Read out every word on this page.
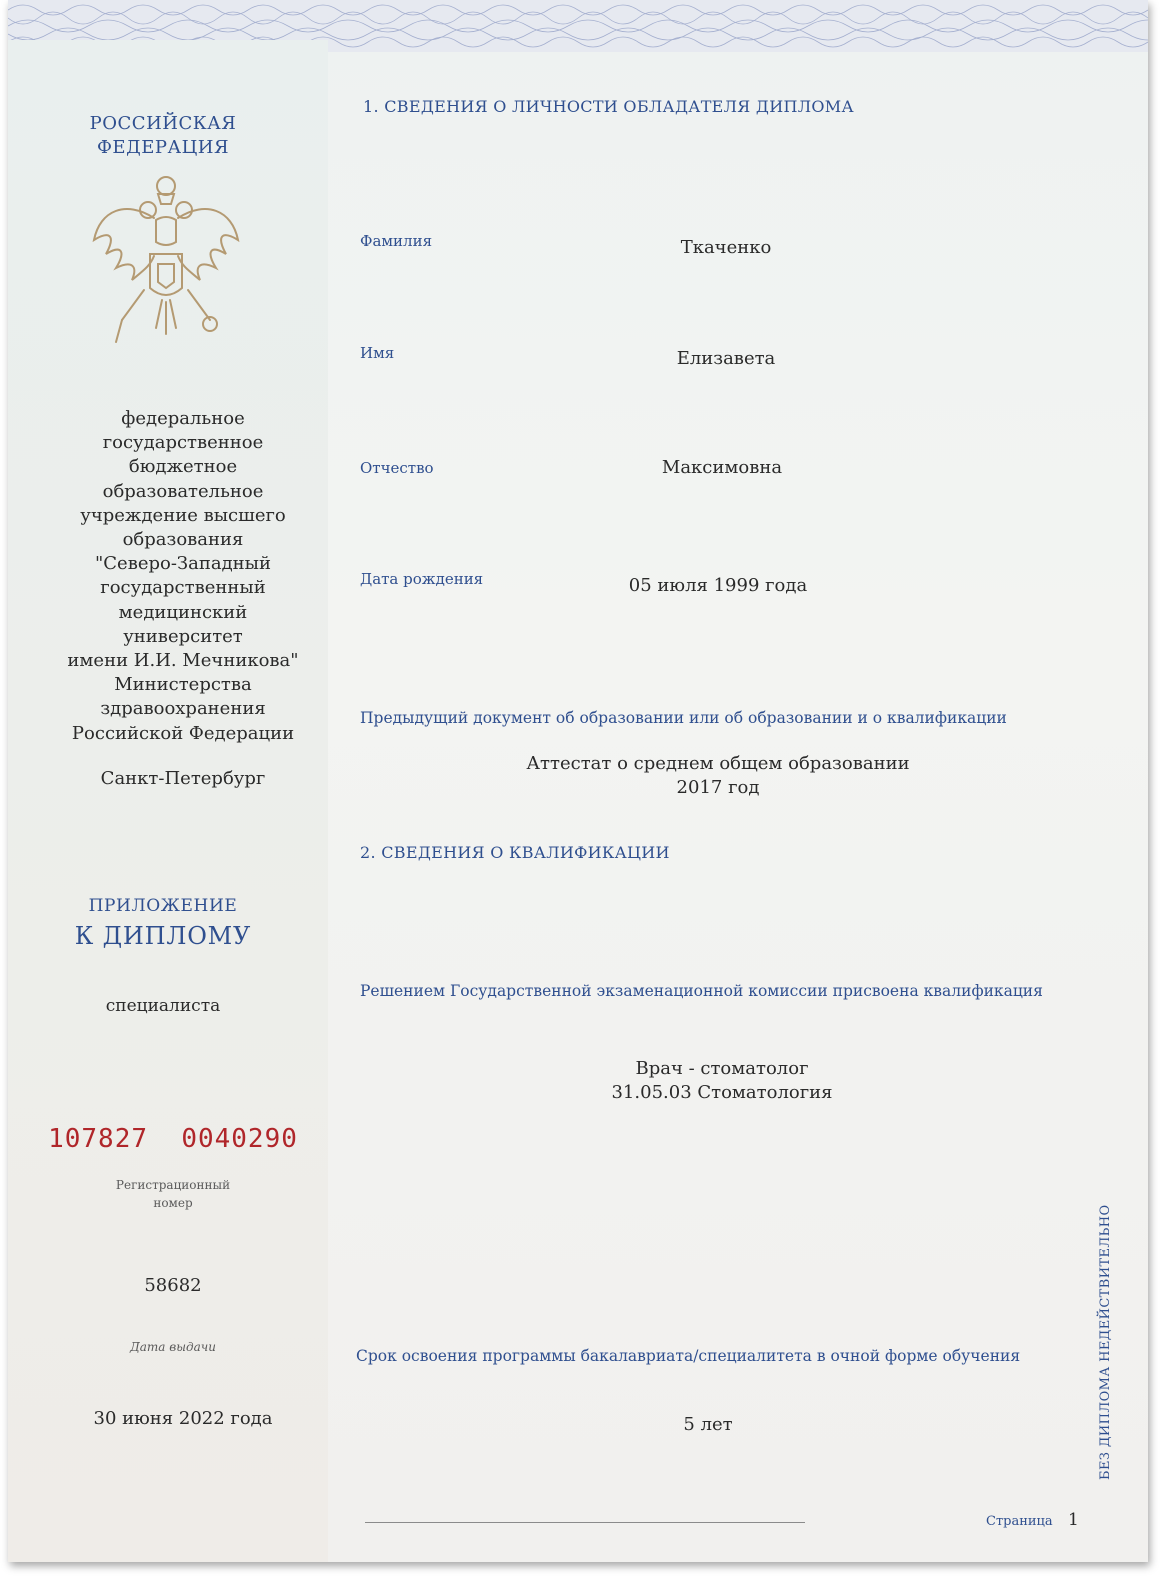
РОССИЙСКАЯ
ФЕДЕРАЦИЯ

федеральное
государственное
бюджетное
образовательное
учреждение высшего
образования
"Северо-Западный
государственный
медицинский
университет
имени И.И. Мечникова"
Министерства
здравоохранения
Российской Федерации

Санкт-Петербург

ПРИЛОЖЕНИЕ

К ДИПЛОМУ

специалиста

107827  0040290

Регистрационный
номер

58682

Дата выдачи

30 июня 2022 года

1. СВЕДЕНИЯ О ЛИЧНОСТИ ОБЛАДАТЕЛЯ ДИПЛОМА

Фамилия	Ткаченко

Имя	Елизавета

Отчество	Максимовна

Дата рождения	05 июля 1999 года

Предыдущий документ об образовании или об образовании и о квалификации

Аттестат о среднем общем образовании
2017 год

2. СВЕДЕНИЯ О КВАЛИФИКАЦИИ

Решением Государственной экзаменационной комиссии присвоена квалификация

Врач - стоматолог
31.05.03 Стоматология

Срок освоения программы бакалавриата/специалитета в очной форме обучения

5 лет	БЕЗ ДИПЛОМА НЕДЕЙСТВИТЕЛЬНО

Страница 1
